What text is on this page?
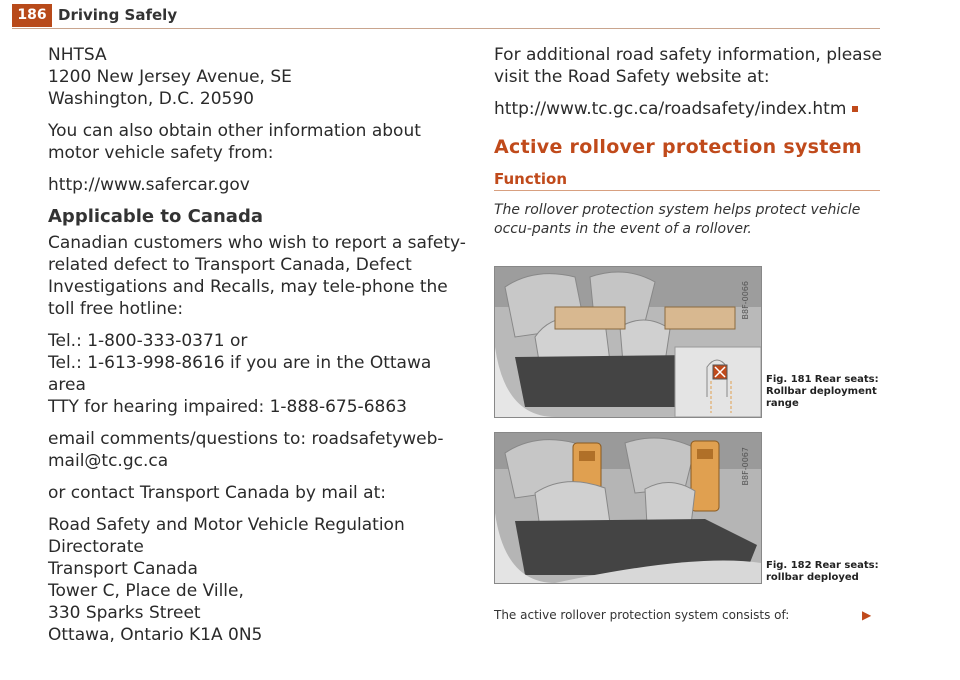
186 Driving Safely

NHTSA
1200 New Jersey Avenue, SE
Washington, D.C. 20590

You can also obtain other information about motor vehicle safety from:

http://www.safercar.gov

Applicable to Canada

Canadian customers who wish to report a safety-related defect to Transport Canada, Defect Investigations and Recalls, may tele-phone the toll free hotline:

Tel.: 1-800-333-0371 or
Tel.: 1-613-998-8616 if you are in the Ottawa area
TTY for hearing impaired: 1-888-675-6863

email comments/questions to: roadsafetyweb-mail@tc.gc.ca

or contact Transport Canada by mail at:

Road Safety and Motor Vehicle Regulation Directorate
Transport Canada
Tower C, Place de Ville,
330 Sparks Street
Ottawa, Ontario K1A 0N5

For additional road safety information, please visit the Road Safety website at:

http://www.tc.gc.ca/roadsafety/index.htm

Active rollover protection system
Function

The rollover protection system helps protect vehicle occu-pants in the event of a rollover.

B8F-0066
Fig. 181 Rear seats: Rollbar deployment range
B8F-0067
Fig. 182 Rear seats: rollbar deployed
The active rollover protection system consists of:	▶
